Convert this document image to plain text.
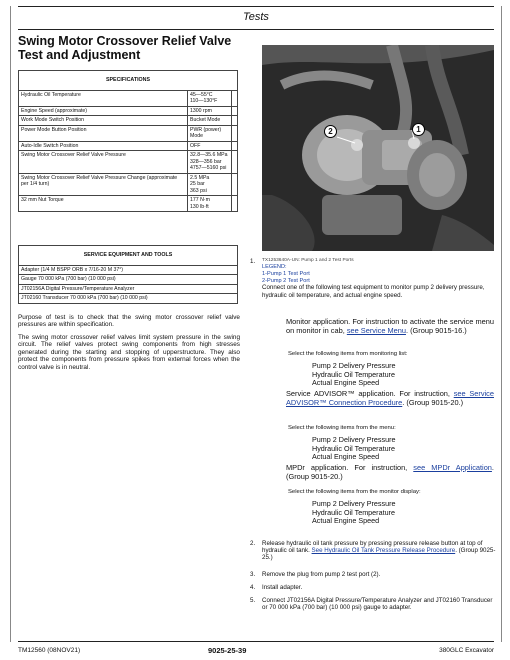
Tests
Swing Motor Crossover Relief Valve Test and Adjustment
SPECIFICATIONS		
Hydraulic Oil Temperature	45—55°C
110—130°F	

Engine Speed (approximate)	1300 rpm	
Work Mode Switch Position	Bucket Mode	
Power Mode Button Position	PWR (power) Mode	
Auto-Idle Switch Position	OFF	
Swing Motor Crossover Relief Valve Pressure	32.8—35.6 MPa
328—356 bar
4757—5160 psi	

Swing Motor Crossover Relief Valve Pressure Change (approximate per 1/4 turn)	2.5 MPa
25 bar
363 psi	

32 mm Nut Torque	177 N·m
130 lb·ft	

SERVICE EQUIPMENT AND TOOLS
Adapter (1/4 M BSPP ORB x 7/16-20 M 37°)
Gauge 70 000 kPa (700 bar) (10 000 psi)
JT02156A Digital Pressure/Temperature Analyzer
JT02160 Transducer 70 000 kPa (700 bar) (10 000 psi)
Purpose of test is to check that the swing motor crossover relief valve pressures are within specification.
The swing motor crossover relief valves limit system pressure in the swing circuit. The relief valves protect swing components from high stresses generated during the starting and stopping of upperstructure. They also protect the components from pressure spikes from external forces when the control valve is in neutral.
2	1
1. TX1253640A-UN: Pump 1 and 2 Test Ports
LEGEND:
1-Pump 1 Test Port
2-Pump 2 Test Port
Connect one of the following test equipment to monitor pump 2 delivery pressure, hydraulic oil temperature, and actual engine speed.
Monitor application. For instruction to activate the service menu on monitor in cab, see Service Menu. (Group 9015-16.)
Select the following items from monitoring list:
Pump 2 Delivery Pressure
Hydraulic Oil Temperature
Actual Engine Speed
Service ADVISOR™ application. For instruction, see Service ADVISOR™ Connection Procedure. (Group 9015-20.)
Select the following items from the menu:
Pump 2 Delivery Pressure
Hydraulic Oil Temperature
Actual Engine Speed
MPDr application. For instruction, see MPDr Application. (Group 9015-20.)
Select the following items from the monitor display:
Pump 2 Delivery Pressure
Hydraulic Oil Temperature
Actual Engine Speed
2. Release hydraulic oil tank pressure by pressing pressure release button at top of hydraulic oil tank. See Hydraulic Oil Tank Pressure Release Procedure. (Group 9025-25.)
3. Remove the plug from pump 2 test port (2).
4. Install adapter.
5. Connect JT02156A Digital Pressure/Temperature Analyzer and JT02160 Transducer or 70 000 kPa (700 bar) (10 000 psi) gauge to adapter.
TM12560 (08NOV21)	9025-25-39	380GLC Excavator
